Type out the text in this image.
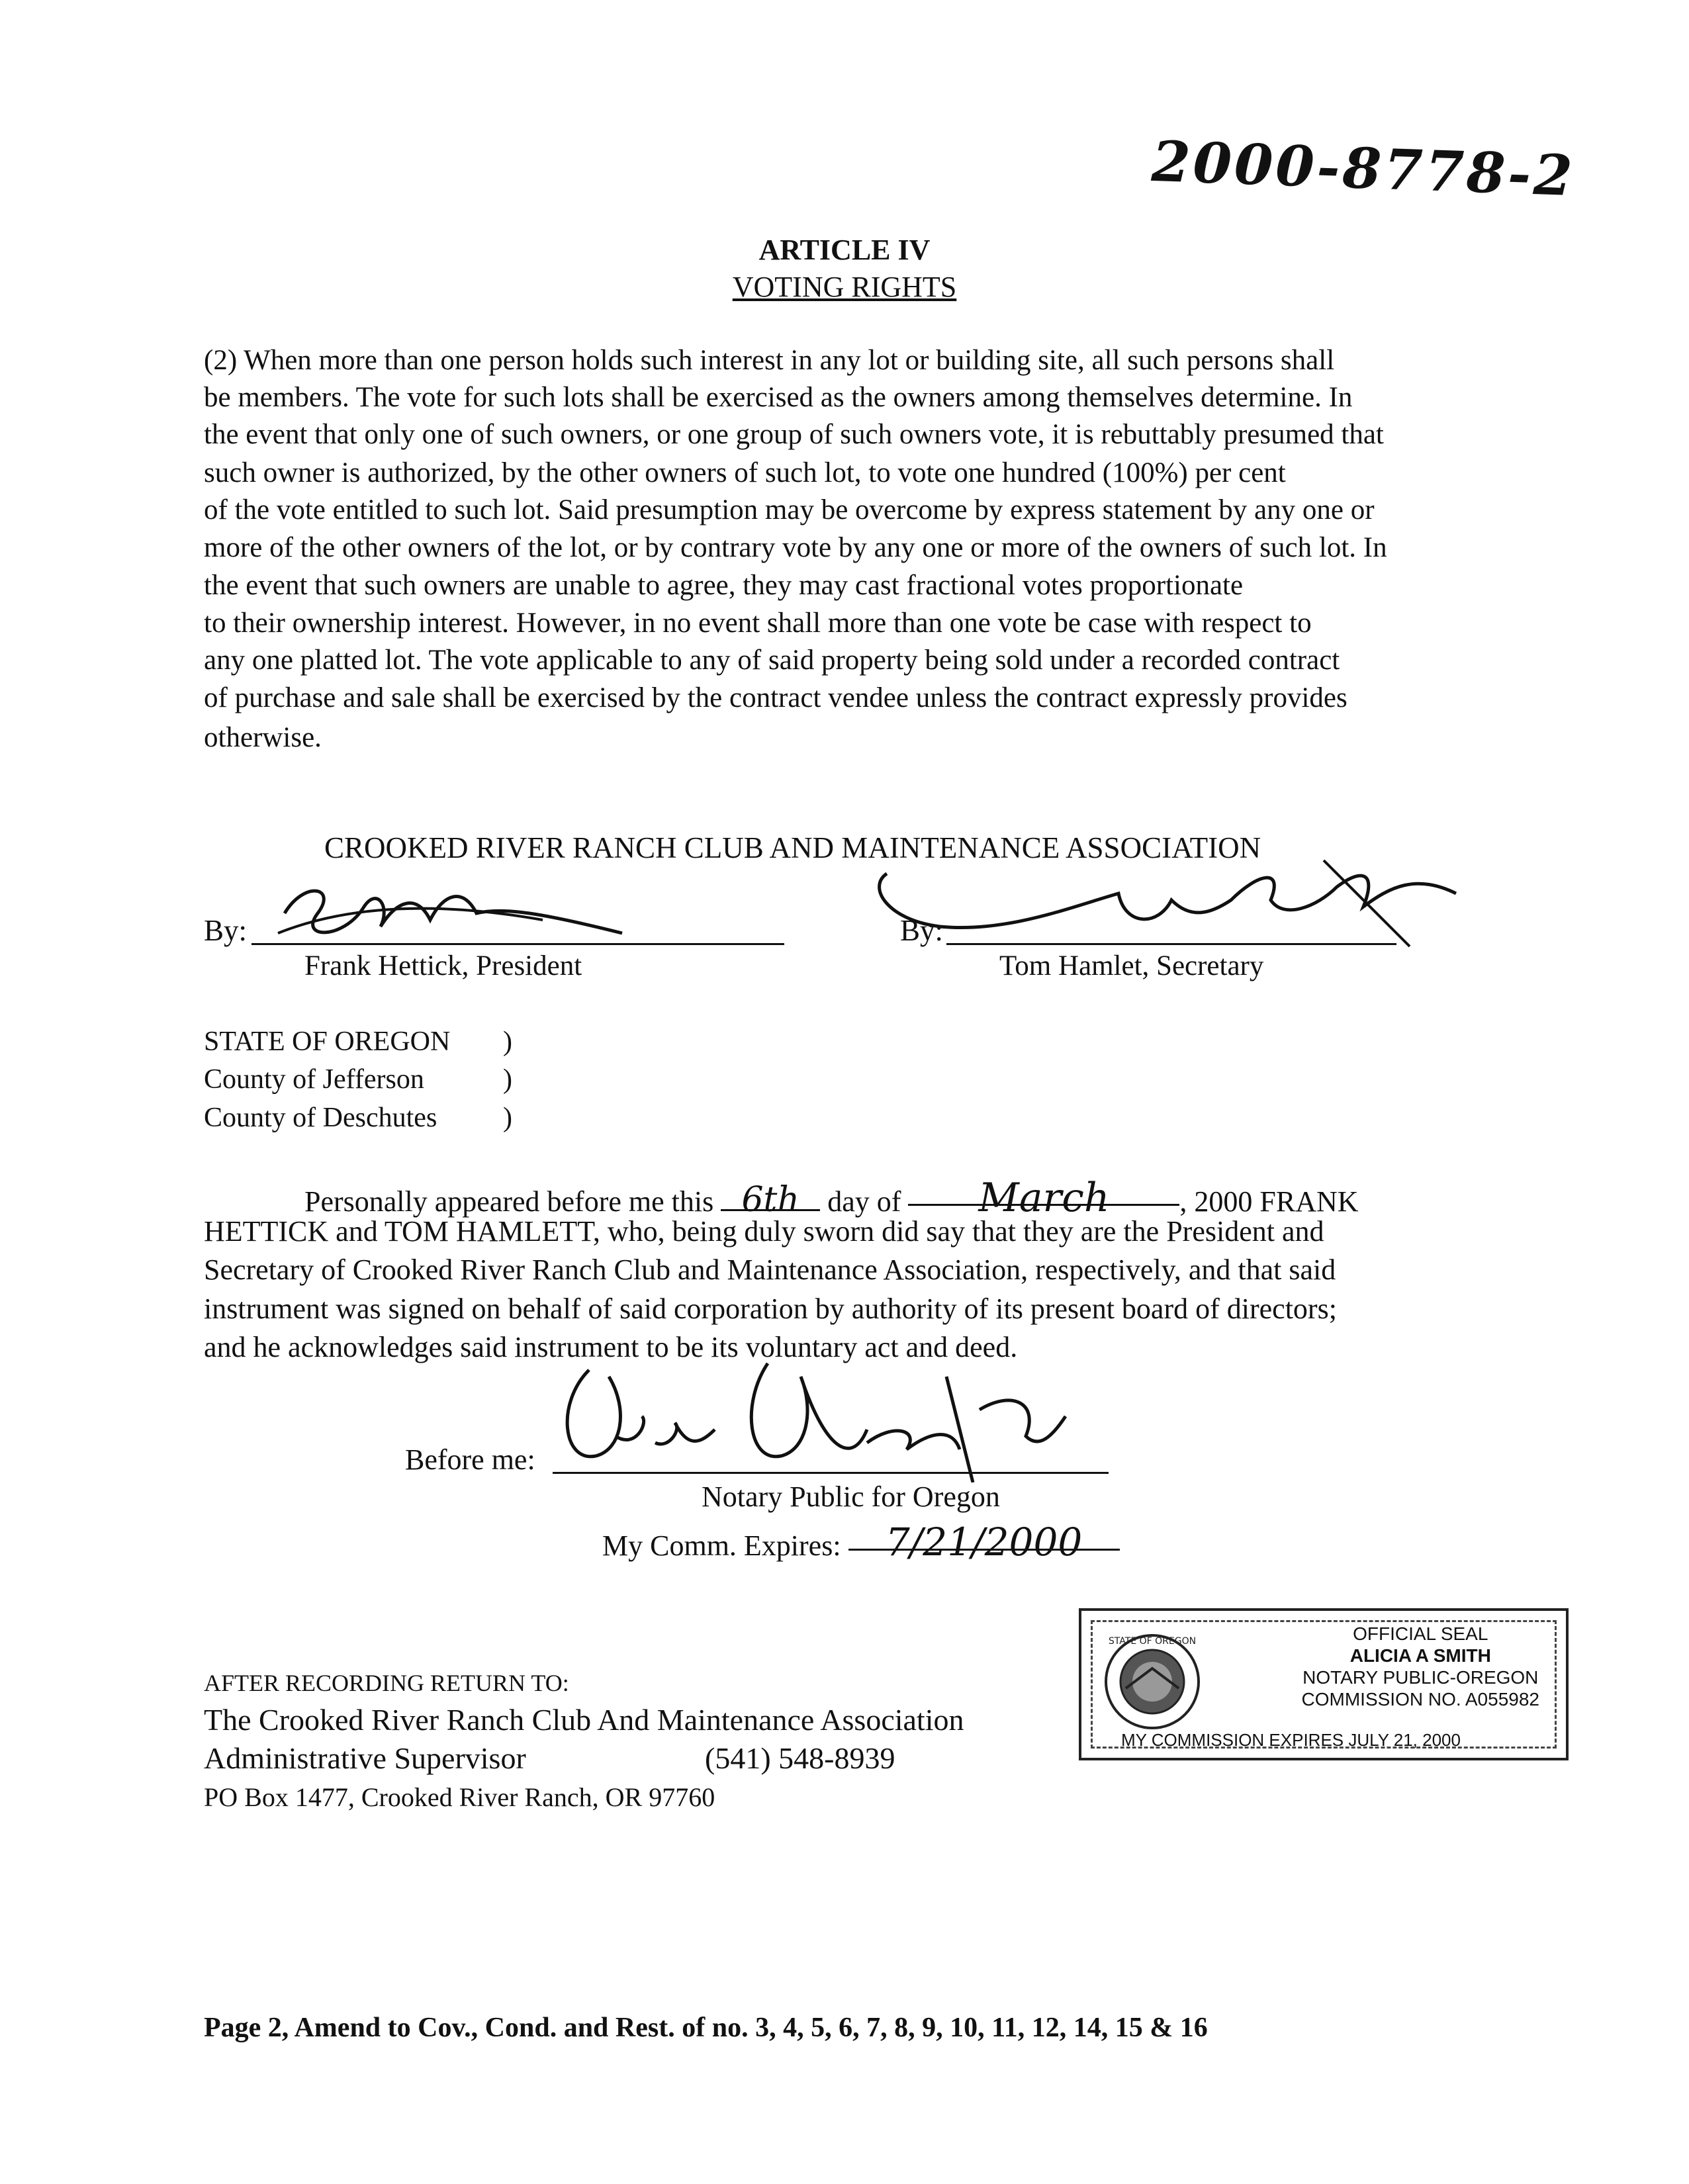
2000-8778-2
ARTICLE IV
VOTING RIGHTS
(2) When more than one person holds such interest in any lot or building site, all such persons shall
be members. The vote for such lots shall be exercised as the owners among themselves determine. In
the event that only one of such owners, or one group of such owners vote, it is rebuttably presumed that
such owner is authorized, by the other owners of such lot, to vote one hundred (100%) per cent
of the vote entitled to such lot. Said presumption may be overcome by express statement by any one or
more of the other owners of the lot, or by contrary vote by any one or more of the owners of such lot. In
the event that such owners are unable to agree, they may cast fractional votes proportionate
to their ownership interest. However, in no event shall more than one vote be case with respect to
any one platted lot. The vote applicable to any of said property being sold under a recorded contract
of purchase and sale shall be exercised by the contract vendee unless the contract expressly provides
otherwise.
CROOKED RIVER RANCH CLUB AND MAINTENANCE ASSOCIATION
By:	By:
Frank Hettick, President	Tom Hamlet, Secretary
STATE OF OREGON
County of Jefferson
County of Deschutes
)
)
)
Personally appeared before me this 6th day of March , 2000 FRANK
HETTICK and TOM HAMLETT, who, being duly sworn did say that they are the President and
Secretary of Crooked River Ranch Club and Maintenance Association, respectively, and that said
instrument was signed on behalf of said corporation by authority of its present board of directors;
and he acknowledges said instrument to be its voluntary act and deed.
Before me:
Notary Public for Oregon
My Comm. Expires: 7/21/2000
STATE OF OREGON	OFFICIAL SEAL
ALICIA A SMITH
NOTARY PUBLIC-OREGON
COMMISSION NO. A055982
MY COMMISSION EXPIRES JULY 21, 2000
AFTER RECORDING RETURN TO:
The Crooked River Ranch Club And Maintenance Association
Administrative Supervisor	(541) 548-8939
PO Box 1477, Crooked River Ranch, OR 97760
Page 2, Amend to Cov., Cond. and Rest. of no. 3, 4, 5, 6, 7, 8, 9, 10, 11, 12, 14, 15 & 16
